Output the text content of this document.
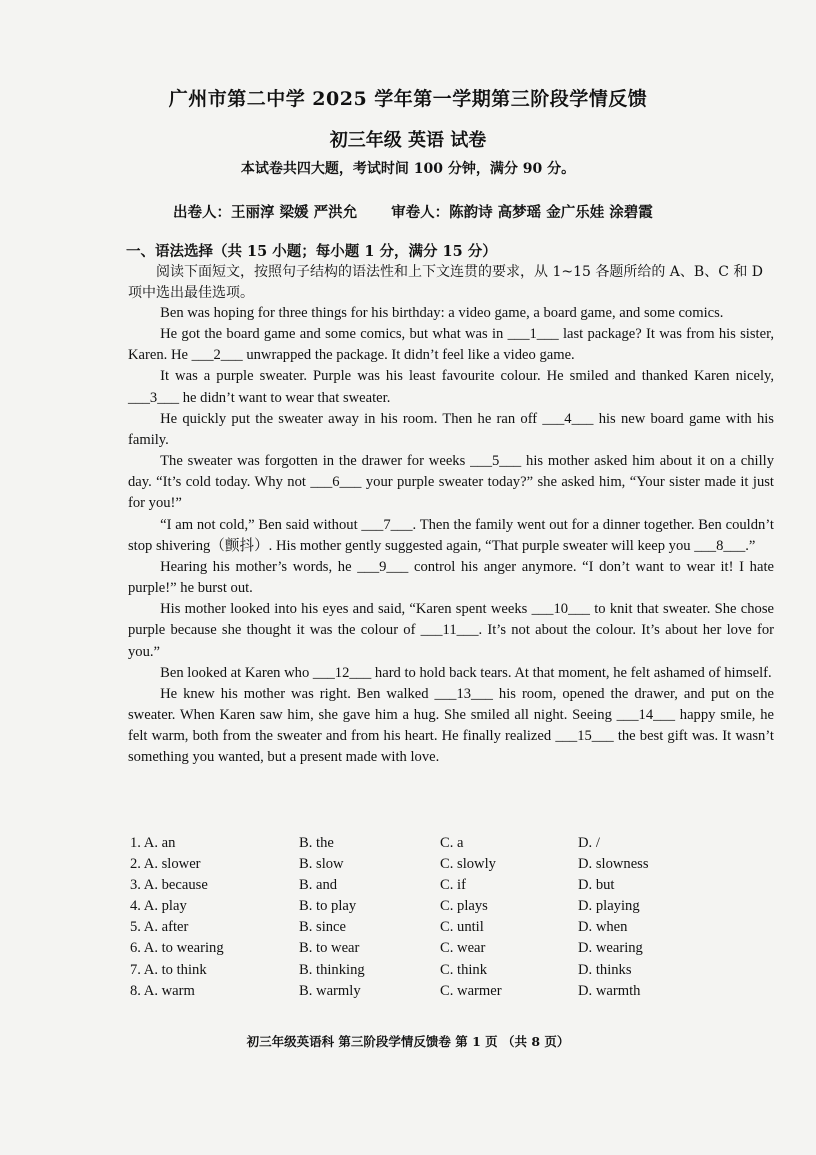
广州市第二中学 2025 学年第一学期第三阶段学情反馈
初三年级 英语 试卷
本试卷共四大题，考试时间 100 分钟，满分 90 分。
出卷人：王丽淳 梁媛 严洪允 审卷人：陈韵诗 高梦瑶 金广乐娃 涂碧霞
一、语法选择（共 15 小题；每小题 1 分，满分 15 分）
阅读下面短文，按照句子结构的语法性和上下文连贯的要求，从 1~15 各题所给的 A、B、C 和 D 项中选出最佳选项。

Ben was hoping for three things for his birthday: a video game, a board game, and some comics.

He got the board game and some comics, but what was in ___1___ last package? It was from his sister, Karen. He ___2___ unwrapped the package. It didn’t feel like a video game.

It was a purple sweater. Purple was his least favourite colour. He smiled and thanked Karen nicely, ___3___ he didn’t want to wear that sweater.

He quickly put the sweater away in his room. Then he ran off ___4___ his new board game with his family.

The sweater was forgotten in the drawer for weeks ___5___ his mother asked him about it on a chilly day. “It’s cold today. Why not ___6___ your purple sweater today?” she asked him, “Your sister made it just for you!”

“I am not cold,” Ben said without ___7___. Then the family went out for a dinner together. Ben couldn’t stop shivering（颤抖）. His mother gently suggested again, “That purple sweater will keep you ___8___.”

Hearing his mother’s words, he ___9___ control his anger anymore. “I don’t want to wear it! I hate purple!” he burst out.

His mother looked into his eyes and said, “Karen spent weeks ___10___ to knit that sweater. She chose purple because she thought it was the colour of ___11___. It’s not about the colour. It’s about her love for you.”

Ben looked at Karen who ___12___ hard to hold back tears. At that moment, he felt ashamed of himself.

He knew his mother was right. Ben walked ___13___ his room, opened the drawer, and put on the sweater. When Karen saw him, she gave him a hug. She smiled all night. Seeing ___14___ happy smile, he felt warm, both from the sweater and from his heart. He finally realized ___15___ the best gift was. It wasn’t something you wanted, but a present made with love.

1. A. an	B. the	C. a	D. /
2. A. slower	B. slow	C. slowly	D. slowness
3. A. because	B. and	C. if	D. but
4. A. play	B. to play	C. plays	D. playing
5. A. after	B. since	C. until	D. when
6. A. to wearing	B. to wear	C. wear	D. wearing
7. A. to think	B. thinking	C. think	D. thinks
8. A. warm	B. warmly	C. warmer	D. warmth
初三年级英语科 第三阶段学情反馈卷 第 1 页 （共 8 页）
